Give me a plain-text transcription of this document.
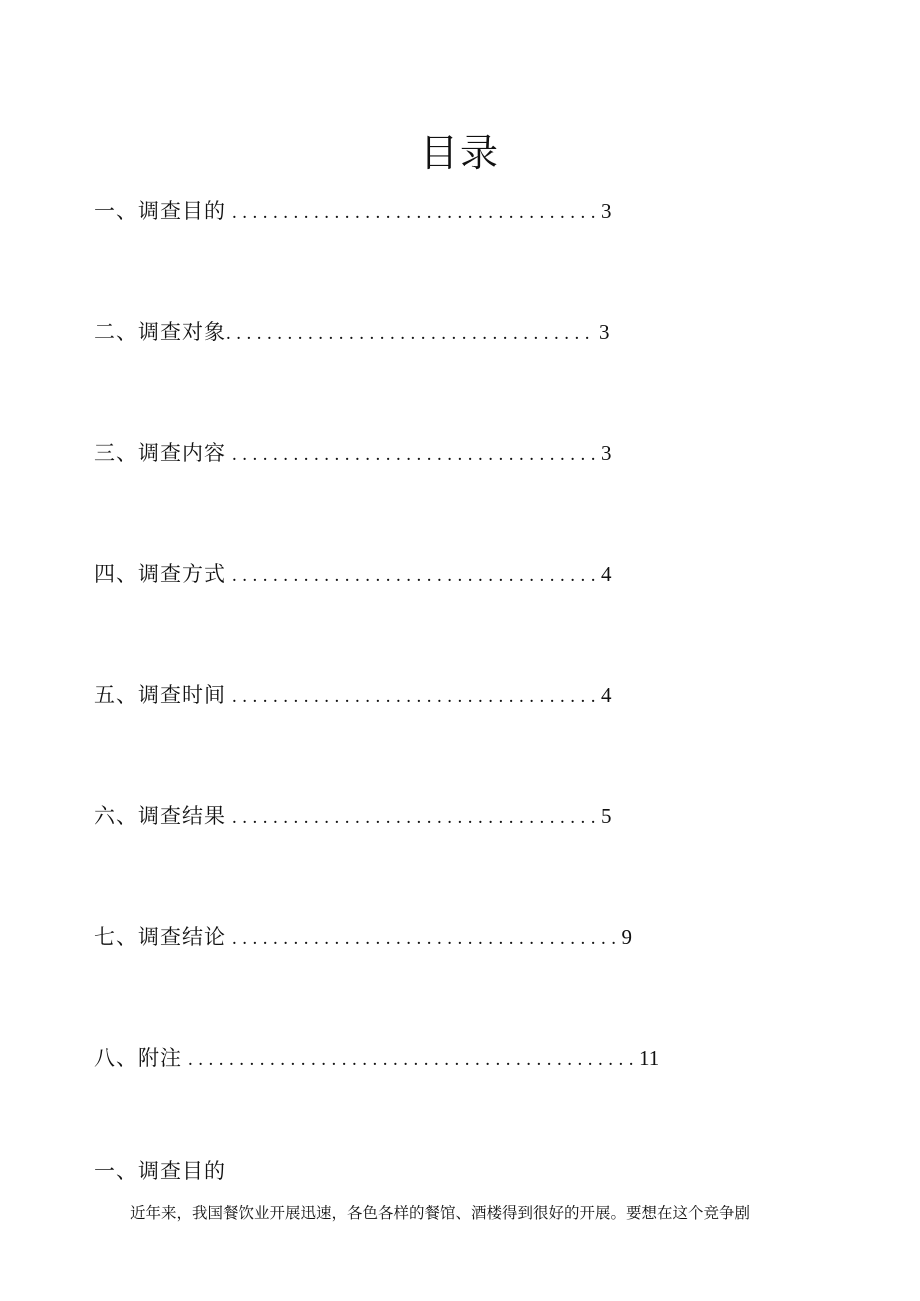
目录
一、调查目的 .................................... 3
二、调查对象 .................................... 3
三、调查内容 .................................... 3
四、调查方式 .................................... 4
五、调查时间 .................................... 4
六、调查结果 .................................... 5
七、调查结论 ...................................... 9
八、附注 ............................................ 11
一、调查目的

近年来，我国餐饮业开展迅速，各色各样的餐馆、酒楼得到很好的开展。要想在这个竞争剧
